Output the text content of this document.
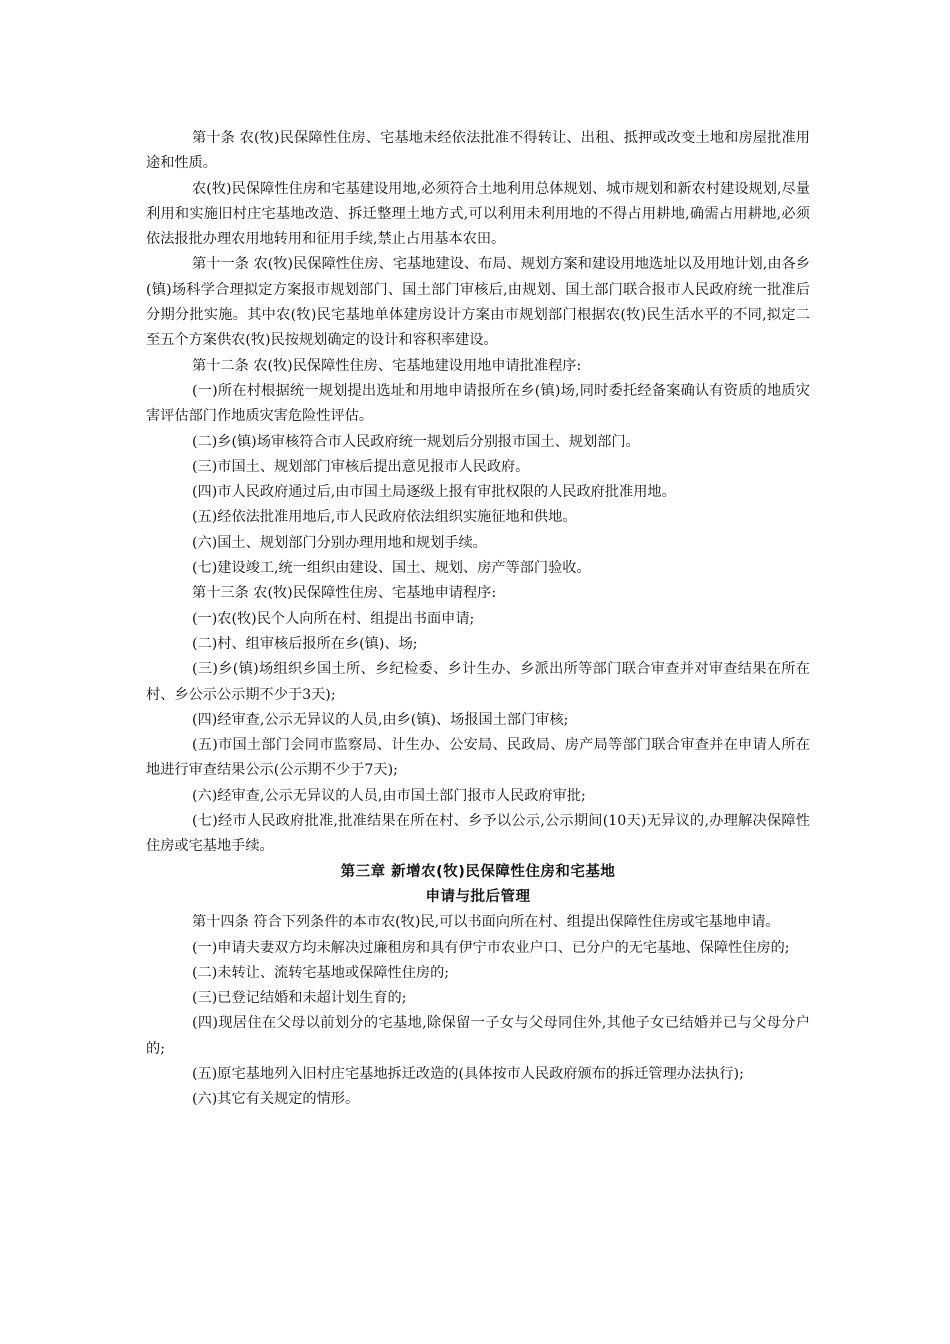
第十条 农(牧)民保障性住房、宅基地未经依法批准不得转让、出租、抵押或改变土地和房屋批准用途和性质。

农(牧)民保障性住房和宅基建设用地,必须符合土地利用总体规划、城市规划和新农村建设规划,尽量利用和实施旧村庄宅基地改造、拆迁整理土地方式,可以利用未利用地的不得占用耕地,确需占用耕地,必须依法报批办理农用地转用和征用手续,禁止占用基本农田。

第十一条 农(牧)民保障性住房、宅基地建设、布局、规划方案和建设用地选址以及用地计划,由各乡(镇)场科学合理拟定方案报市规划部门、国土部门审核后,由规划、国土部门联合报市人民政府统一批准后分期分批实施。其中农(牧)民宅基地单体建房设计方案由市规划部门根据农(牧)民生活水平的不同,拟定二至五个方案供农(牧)民按规划确定的设计和容积率建设。

第十二条 农(牧)民保障性住房、宅基地建设用地申请批准程序:

(一)所在村根据统一规划提出选址和用地申请报所在乡(镇)场,同时委托经备案确认有资质的地质灾害评估部门作地质灾害危险性评估。

(二)乡(镇)场审核符合市人民政府统一规划后分别报市国土、规划部门。

(三)市国土、规划部门审核后提出意见报市人民政府。

(四)市人民政府通过后,由市国土局逐级上报有审批权限的人民政府批准用地。

(五)经依法批准用地后,市人民政府依法组织实施征地和供地。

(六)国土、规划部门分别办理用地和规划手续。

(七)建设竣工,统一组织由建设、国土、规划、房产等部门验收。

第十三条 农(牧)民保障性住房、宅基地申请程序:

(一)农(牧)民个人向所在村、组提出书面申请;

(二)村、组审核后报所在乡(镇)、场;

(三)乡(镇)场组织乡国土所、乡纪检委、乡计生办、乡派出所等部门联合审查并对审查结果在所在村、乡公示公示期不少于3天);

(四)经审查,公示无异议的人员,由乡(镇)、场报国土部门审核;

(五)市国土部门会同市监察局、计生办、公安局、民政局、房产局等部门联合审查并在申请人所在地进行审查结果公示(公示期不少于7天);

(六)经审查,公示无异议的人员,由市国土部门报市人民政府审批;

(七)经市人民政府批准,批准结果在所在村、乡予以公示,公示期间(10天)无异议的,办理解决保障性住房或宅基地手续。

第三章 新增农(牧)民保障性住房和宅基地
申请与批后管理

第十四条 符合下列条件的本市农(牧)民,可以书面向所在村、组提出保障性住房或宅基地申请。

(一)申请夫妻双方均未解决过廉租房和具有伊宁市农业户口、已分户的无宅基地、保障性住房的;

(二)未转让、流转宅基地或保障性住房的;

(三)已登记结婚和未超计划生育的;

(四)现居住在父母以前划分的宅基地,除保留一子女与父母同住外,其他子女已结婚并已与父母分户的;

(五)原宅基地列入旧村庄宅基地拆迁改造的(具体按市人民政府颁布的拆迁管理办法执行);

(六)其它有关规定的情形。
